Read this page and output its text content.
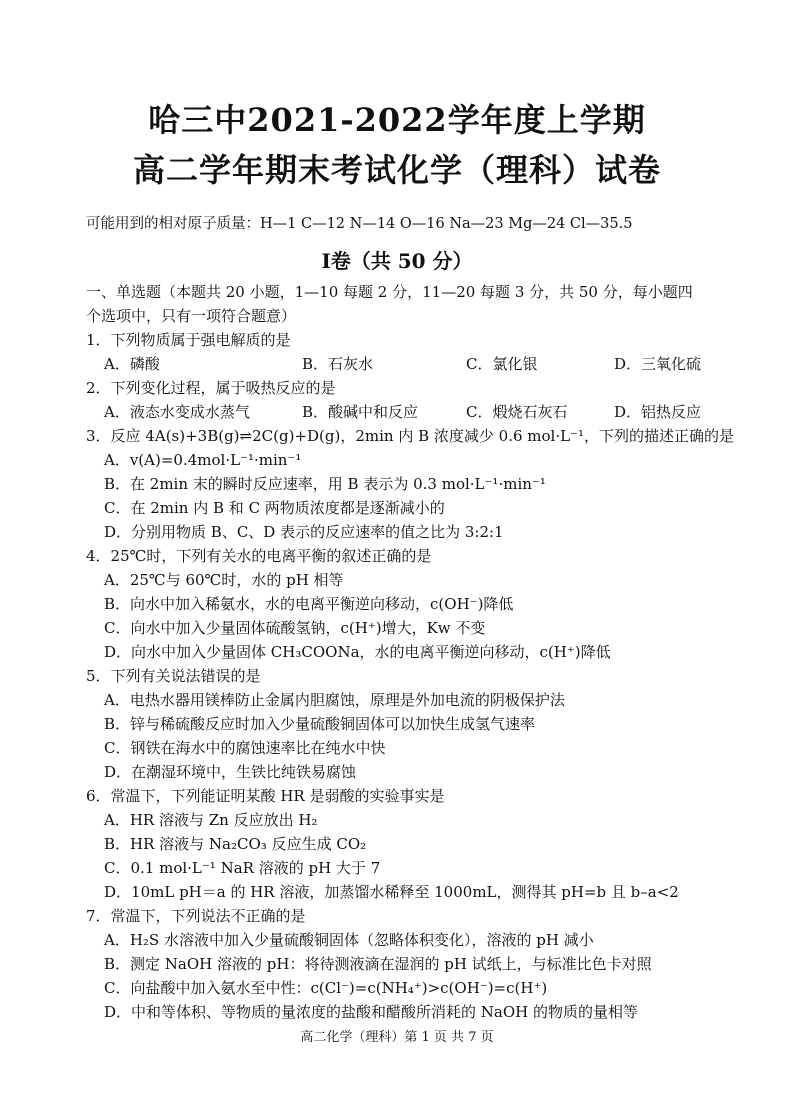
哈三中2021-2022学年度上学期
高二学年期末考试化学（理科）试卷
可能用到的相对原子质量：H—1 C—12 N—14 O—16 Na—23 Mg—24 Cl—35.5
Ⅰ卷（共 50 分）
一、单选题（本题共 20 小题，1—10 每题 2 分，11—20 每题 3 分，共 50 分，每小题四
个选项中，只有一项符合题意）
1．下列物质属于强电解质的是
A．磷酸	B．石灰水	C．氯化银	D．三氧化硫
2．下列变化过程，属于吸热反应的是
A．液态水变成水蒸气	B．酸碱中和反应	C．煅烧石灰石	D．铝热反应
3．反应 4A(s)+3B(g)⇌2C(g)+D(g)，2min 内 B 浓度减少 0.6 mol·L⁻¹，下列的描述正确的是
A．v(A)=0.4mol·L⁻¹·min⁻¹
B．在 2min 末的瞬时反应速率，用 B 表示为 0.3 mol·L⁻¹·min⁻¹
C．在 2min 内 B 和 C 两物质浓度都是逐渐减小的
D．分别用物质 B、C、D 表示的反应速率的值之比为 3:2:1
4．25℃时，下列有关水的电离平衡的叙述正确的是
A．25℃与 60℃时，水的 pH 相等
B．向水中加入稀氨水，水的电离平衡逆向移动，c(OH⁻)降低
C．向水中加入少量固体硫酸氢钠，c(H⁺)增大，Kw 不变
D．向水中加入少量固体 CH₃COONa，水的电离平衡逆向移动，c(H⁺)降低
5．下列有关说法错误的是
A．电热水器用镁棒防止金属内胆腐蚀，原理是外加电流的阴极保护法
B．锌与稀硫酸反应时加入少量硫酸铜固体可以加快生成氢气速率
C．钢铁在海水中的腐蚀速率比在纯水中快
D．在潮湿环境中，生铁比纯铁易腐蚀
6．常温下，下列能证明某酸 HR 是弱酸的实验事实是
A．HR 溶液与 Zn 反应放出 H₂
B．HR 溶液与 Na₂CO₃ 反应生成 CO₂
C．0.1 mol·L⁻¹ NaR 溶液的 pH 大于 7
D．10mL pH＝a 的 HR 溶液，加蒸馏水稀释至 1000mL，测得其 pH=b 且 b–a<2
7．常温下，下列说法不正确的是
A．H₂S 水溶液中加入少量硫酸铜固体（忽略体积变化），溶液的 pH 减小
B．测定 NaOH 溶液的 pH：将待测液滴在湿润的 pH 试纸上，与标准比色卡对照
C．向盐酸中加入氨水至中性：c(Cl⁻)=c(NH₄⁺)>c(OH⁻)=c(H⁺)
D．中和等体积、等物质的量浓度的盐酸和醋酸所消耗的 NaOH 的物质的量相等
高二化学（理科）第 1 页 共 7 页
